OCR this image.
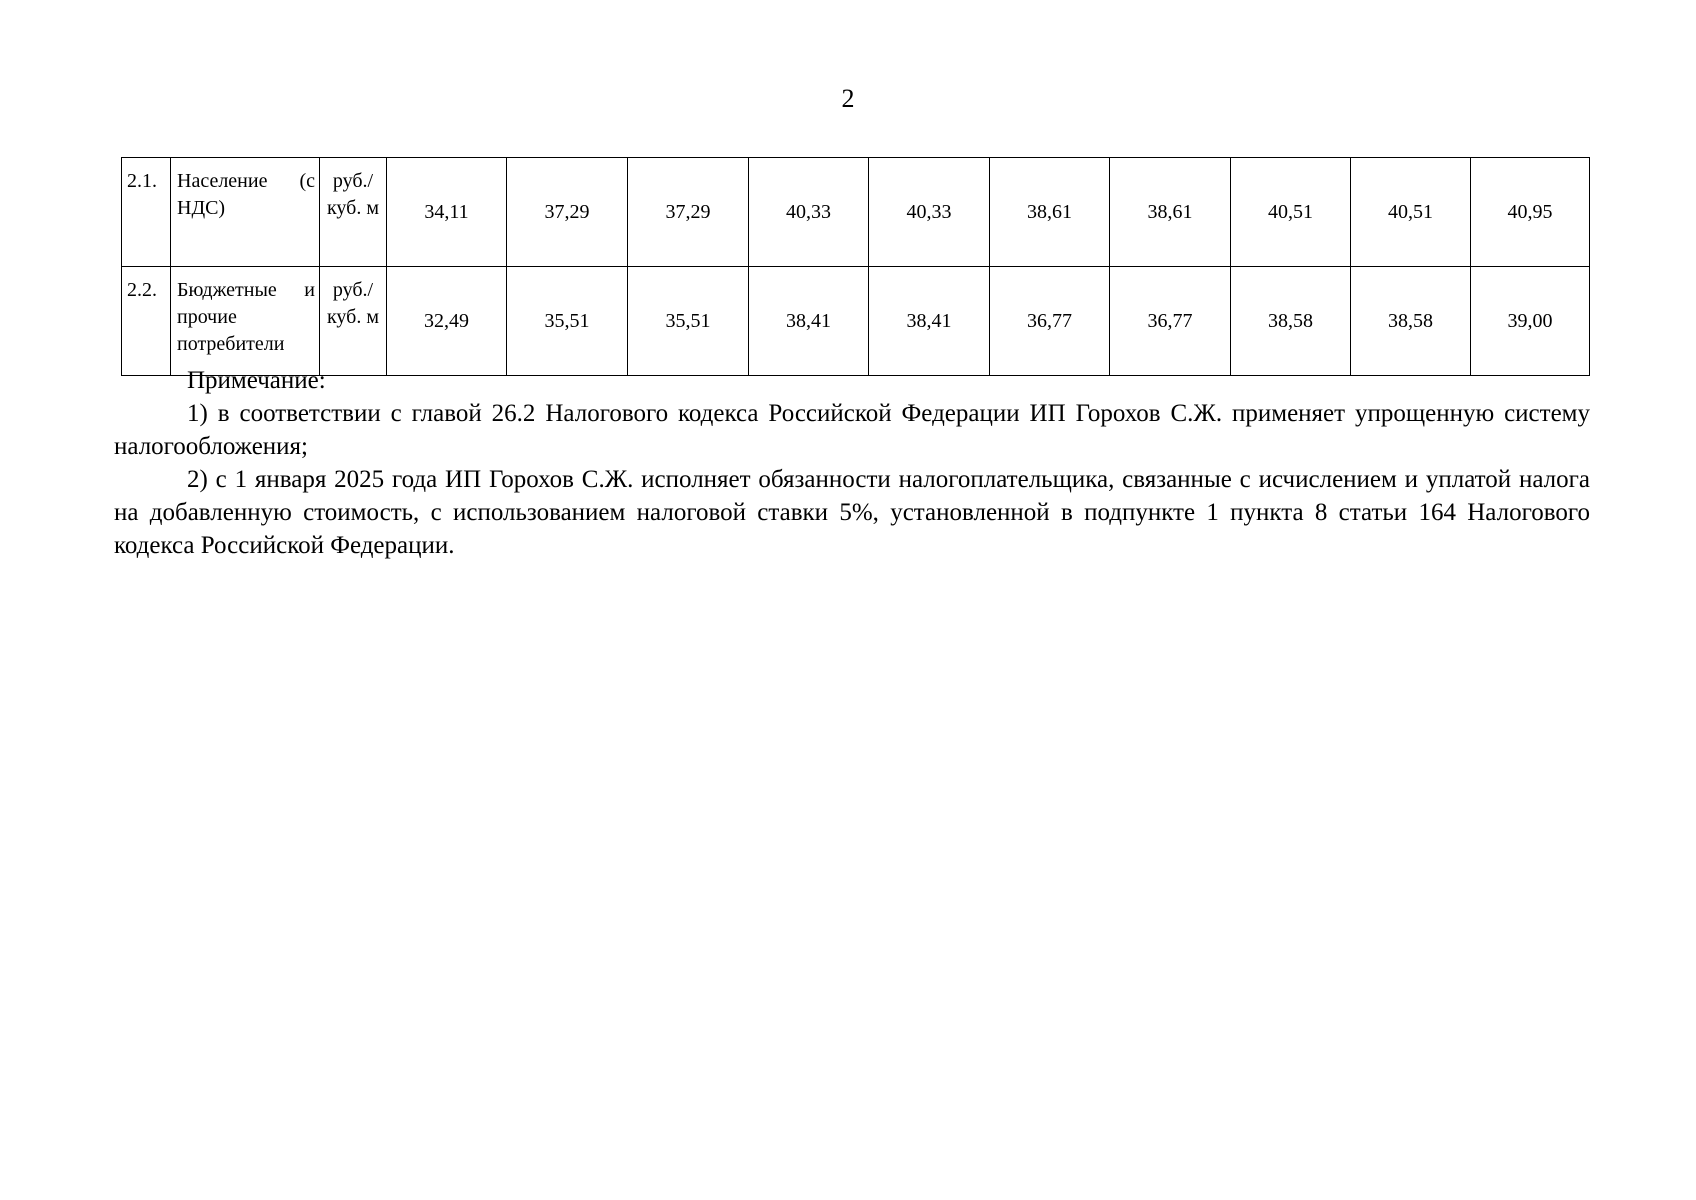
2
2.1.	Население (с НДС)	руб./ куб. м	34,11	37,29	37,29	40,33	40,33	38,61	38,61	40,51	40,51	40,95
2.2.	Бюджетные и прочие потребители	руб./ куб. м	32,49	35,51	35,51	38,41	38,41	36,77	36,77	38,58	38,58	39,00

Примечание:

1) в соответствии с главой 26.2 Налогового кодекса Российской Федерации ИП Горохов С.Ж. применяет упрощенную систему налогообложения;

2) с 1 января 2025 года ИП Горохов С.Ж. исполняет обязанности налогоплательщика, связанные с исчислением и уплатой налога на добавленную стоимость, с использованием налоговой ставки 5%, установленной в подпункте 1 пункта 8 статьи 164 Налогового кодекса Российской Федерации.
